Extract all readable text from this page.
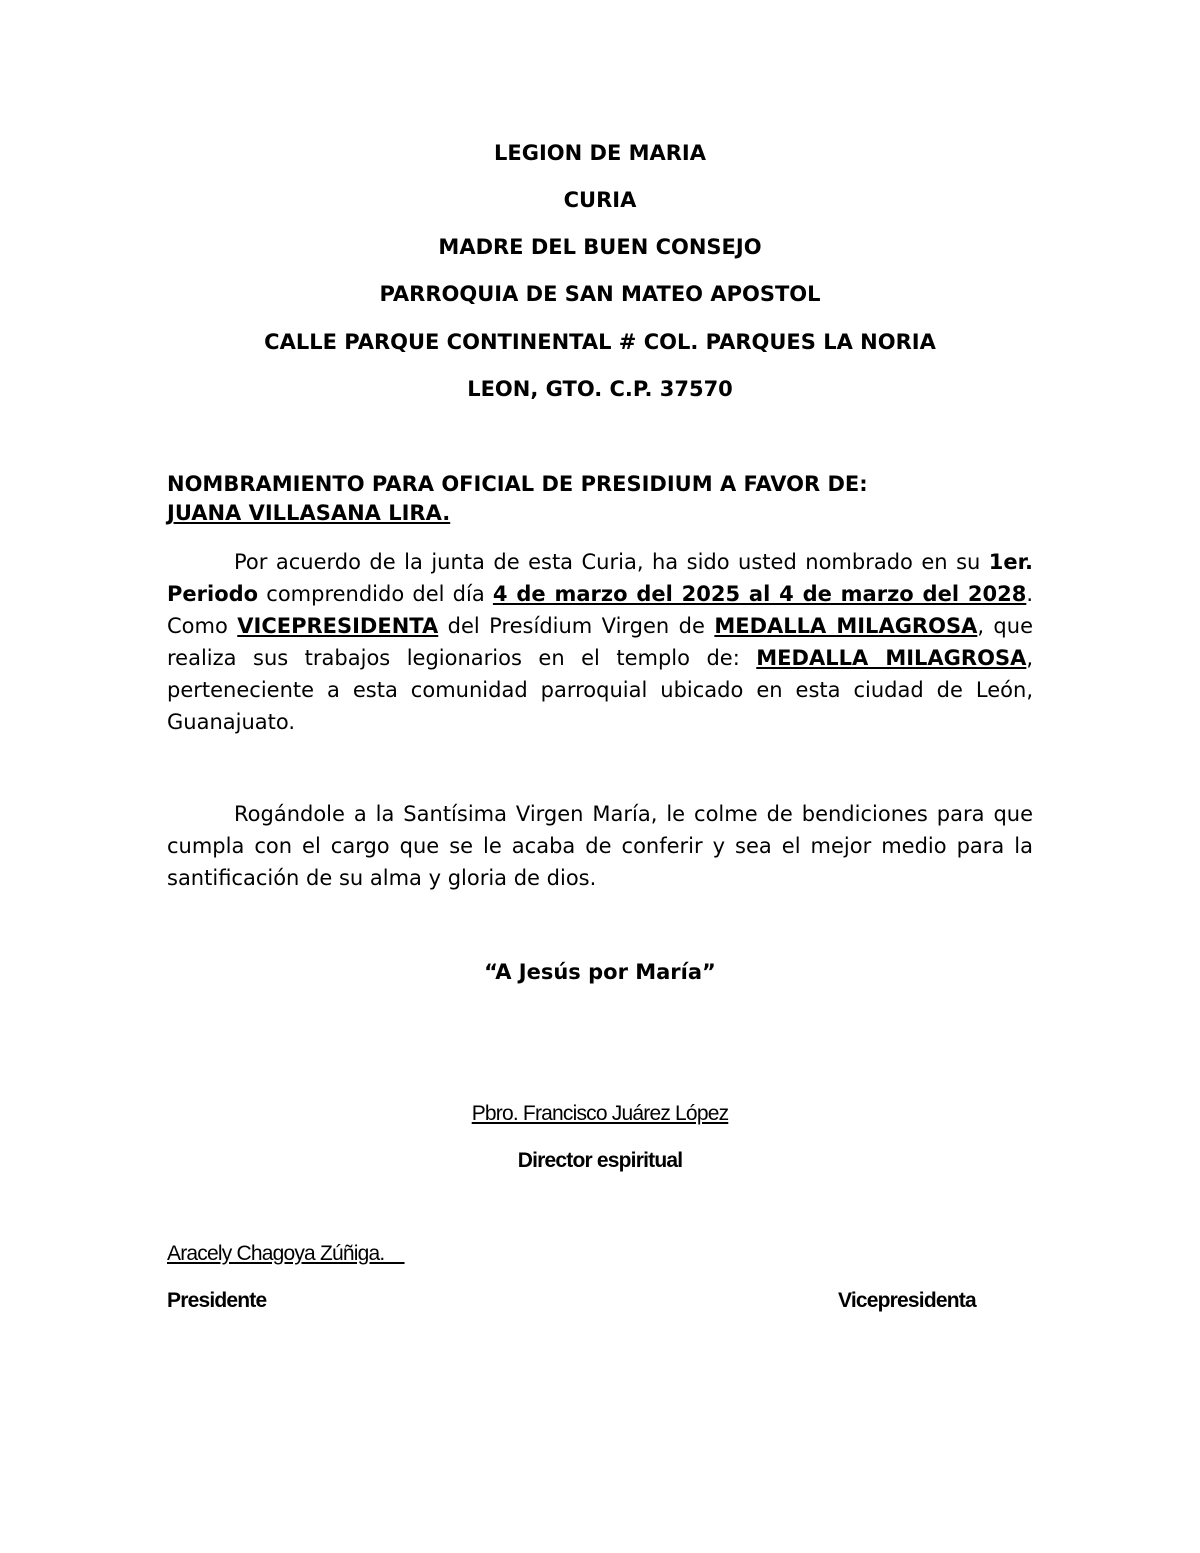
LEGION DE MARIA
CURIA
MADRE DEL BUEN CONSEJO
PARROQUIA DE SAN MATEO APOSTOL
CALLE PARQUE CONTINENTAL # COL. PARQUES LA NORIA
LEON, GTO. C.P. 37570
NOMBRAMIENTO PARA OFICIAL DE PRESIDIUM A FAVOR DE:
JUANA VILLASANA LIRA.

Por acuerdo de la junta de esta Curia, ha sido usted nombrado en su 1er. Periodo comprendido del día 4 de marzo del 2025 al 4 de marzo del 2028. Como VICEPRESIDENTA del Presídium Virgen de MEDALLA MILAGROSA, que realiza sus trabajos legionarios en el templo de: MEDALLA MILAGROSA, perteneciente a esta comunidad parroquial ubicado en esta ciudad de León, Guanajuato.

Rogándole a la Santísima Virgen María, le colme de bendiciones para que cumpla con el cargo que se le acaba de conferir y sea el mejor medio para la santificación de su alma y gloria de dios.

“A Jesús por María”
Pbro. Francisco Juárez López
Director espiritual
Aracely Chagoya Zúñiga.
Presidente	Vicepresidenta
